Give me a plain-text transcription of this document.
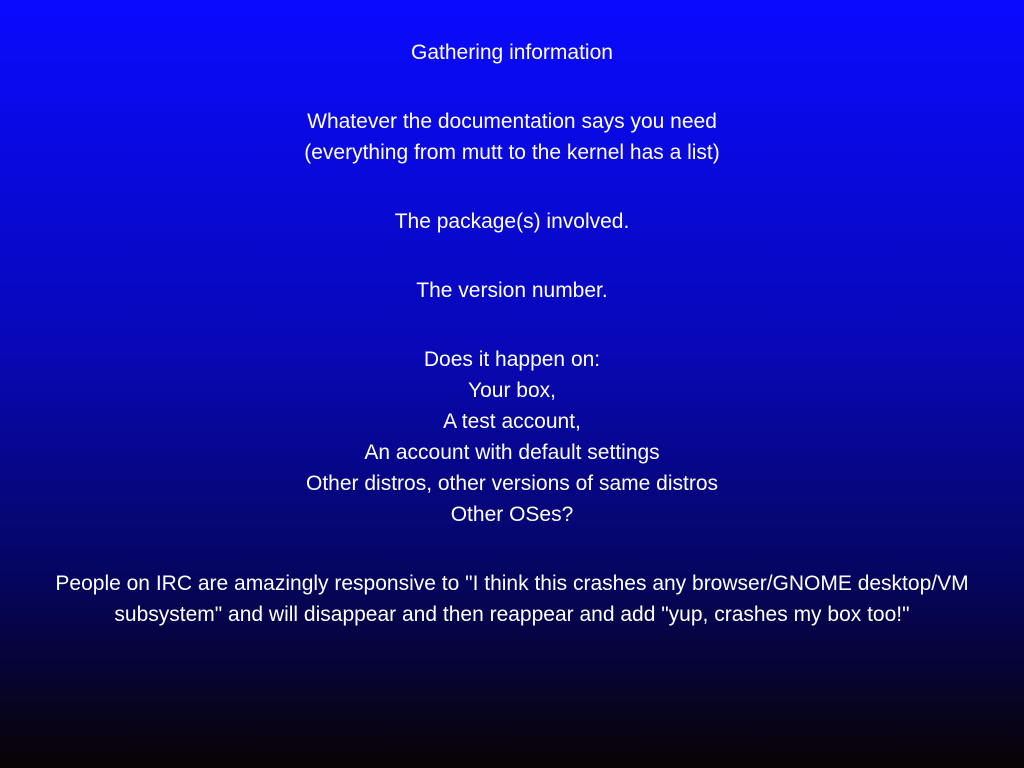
Gathering information
Whatever the documentation says you need
(everything from mutt to the kernel has a list)
The package(s) involved.
The version number.
Does it happen on:
Your box,
A test account,
An account with default settings
Other distros, other versions of same distros
Other OSes?
People on IRC are amazingly responsive to "I think this crashes any browser/GNOME desktop/VM
subsystem" and will disappear and then reappear and add "yup, crashes my box too!"
